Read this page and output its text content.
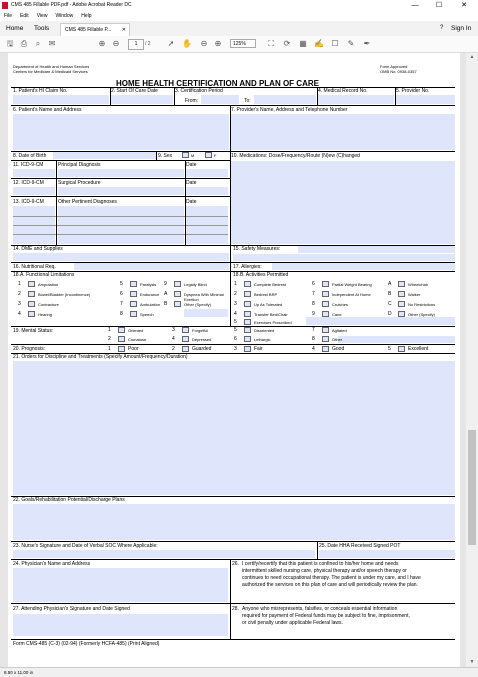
CMS 485 Fillable PDF.pdf - Adobe Acrobat Reader DC	—	☐	✕
File Edit View Window Help
Home Tools	CMS 485 Fillable P... ✕	? Sign In
🖫 ⎙	⌕	✉	⊕ ⊖	1	/ 2 ➚ ✋ ⊖ ⊕	125%	⛶ ⟳ ▦ ✍ ☐ ✎ ✒
Department of Health and Human Services
Centers for Medicare & Medicaid Services
Form Approved
OMB No. 0938-0357
HOME HEALTH CERTIFICATION AND PLAN OF CARE
1. Patient's HI Claim No.	2. Start Of Care Date	3. Certification Period	4. Medical Record No.	5. Provider No.
From:	To:
6. Patient's Name and Address	7. Provider's Name, Address and Telephone Number
8. Date of Birth	9. Sex	M	F	10. Medications: Dose/Frequency/Route (N)ew (C)hanged
11. ICD-9-CM	Principal Diagnosis	Date
12. ICD-9-CM	Surgical Procedure	Date
13. ICD-9-CM	Other Pertinent Diagnoses	Date
14. DME and Supplies	15. Safety Measures:
16. Nutritional Req.	17. Allergies:
18.A. Functional Limitations	18.B. Activities Permitted
19. Mental Status:
20. Prognosis:
21. Orders for Discipline and Treatments (Specify Amount/Frequency/Duration)
22. Goals/Rehabilitation Potential/Discharge Plans
23. Nurse's Signature and Date of Verbal SOC Where Applicable:	25. Date HHA Received Signed POT
24. Physician's Name and Address	26. I certify/recertify that this patient is confined to his/her home and needs
intermittent skilled nursing care, physical therapy and/or speech therapy or
continues to need occupational therapy. The patient is under my care, and I have
authorized the services on this plan of care and will periodically review the plan.
27. Attending Physician's Signature and Date Signed	28. Anyone who misrepresents, falsifies, or conceals essential information
required for payment of Federal funds may be subject to fine, imprisonment,
or civil penalty under applicable Federal laws.
Form CMS-485 (C-3) (02-94) (Formerly HCFA-485) (Print Aligned)
1	Amputation	5	Paralysis 9	Legally Blind
2	Bowel/Bladder (Incontinence)	6	Endurance A	Dyspnea With Minimal Exertion
3	Contracture	7	Ambulation B	Other (Specify)
4	Hearing	8	Speech
1	Complete Bedrest	6	Partial Weight Bearing	A	Wheelchair
2	Bedrest BRP	7	Independent At Home	B	Walker
3	Up As Tolerated	8	Crutches	C	No Restrictions
4	Transfer Bed/Chair	9	Cane	D	Other (Specify)
5	Exercises Prescribed
1	Oriented	3	Forgetful	5	Disoriented	7	Agitated
2	Comatose	4	Depressed	6	Lethargic	8	Other
1	Poor	2	Guarded	3	Fair	4	Good	5	Excellent
▲
▼
8.50 x 11.00 in
